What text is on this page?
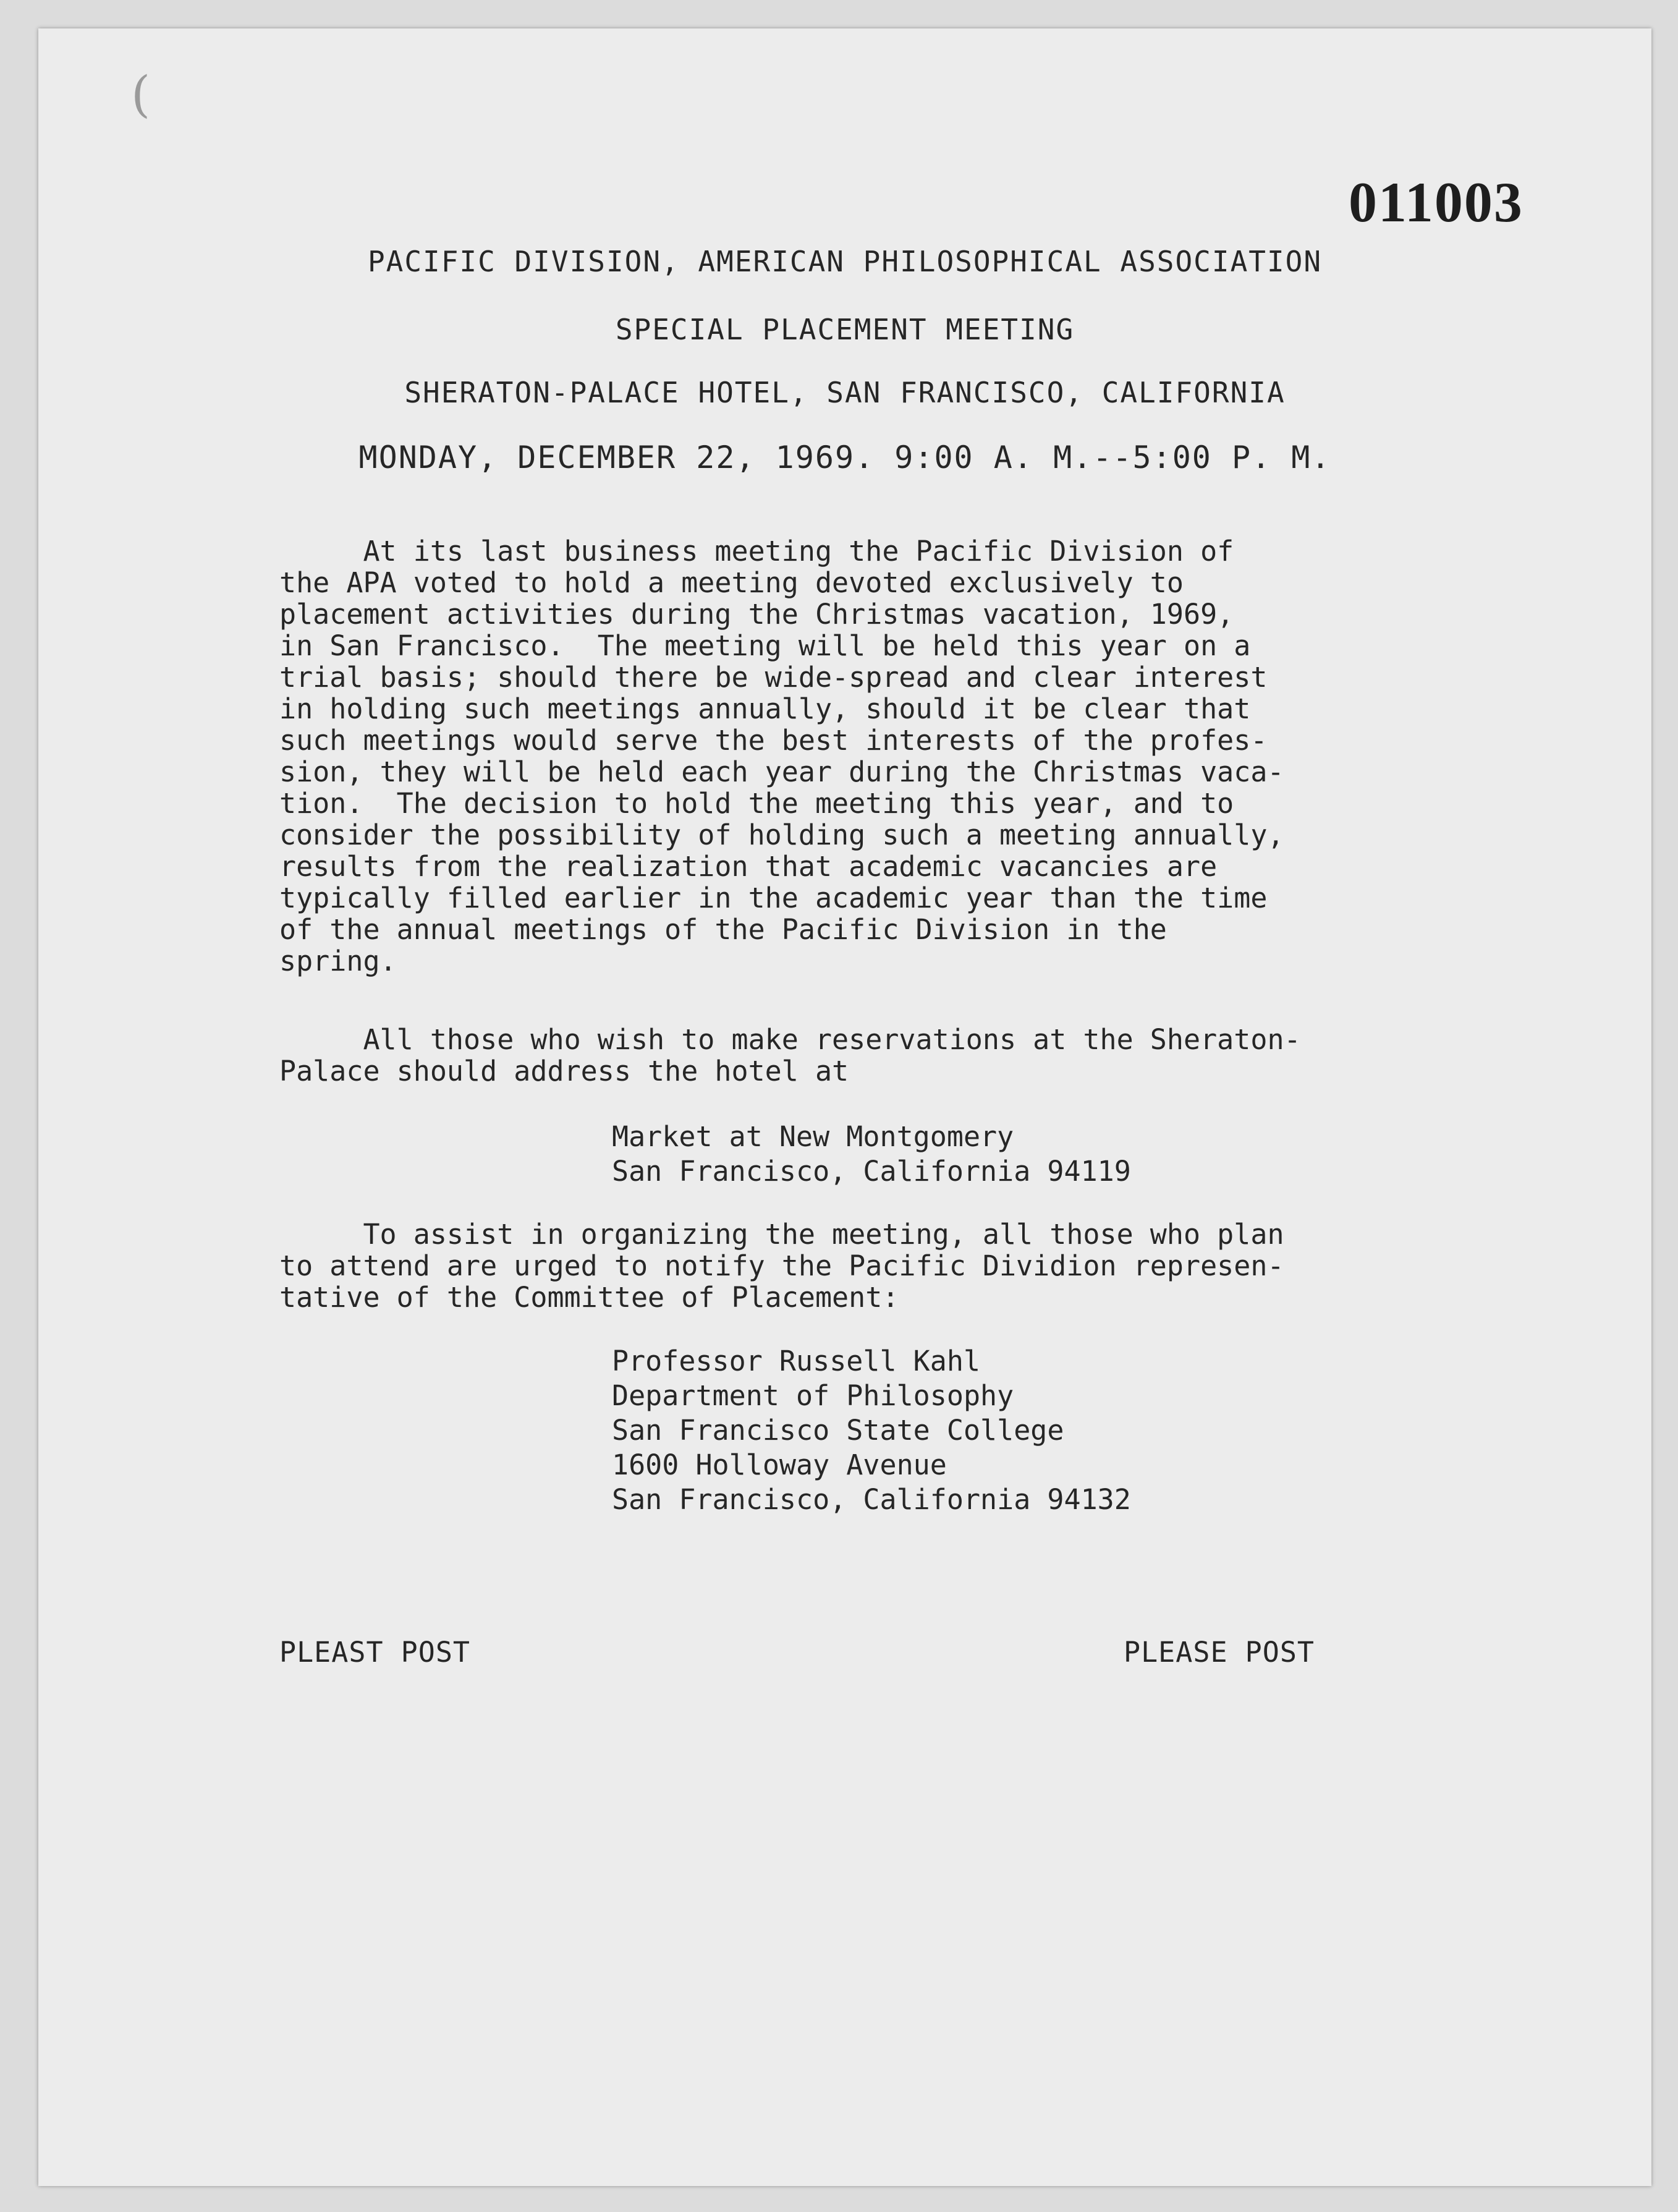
(
011003
PACIFIC DIVISION, AMERICAN PHILOSOPHICAL ASSOCIATION
SPECIAL PLACEMENT MEETING
SHERATON-PALACE HOTEL, SAN FRANCISCO, CALIFORNIA
MONDAY, DECEMBER 22, 1969. 9:00 A. M.--5:00 P. M.

At its last business meeting the Pacific Division of
the APA voted to hold a meeting devoted exclusively to
placement activities during the Christmas vacation, 1969,
in San Francisco.  The meeting will be held this year on a
trial basis; should there be wide-spread and clear interest
in holding such meetings annually, should it be clear that
such meetings would serve the best interests of the profes-
sion, they will be held each year during the Christmas vaca-
tion.  The decision to hold the meeting this year, and to
consider the possibility of holding such a meeting annually,
results from the realization that academic vacancies are
typically filled earlier in the academic year than the time
of the annual meetings of the Pacific Division in the
spring.

All those who wish to make reservations at the Sheraton-
Palace should address the hotel at

Market at New Montgomery
San Francisco, California 94119

To assist in organizing the meeting, all those who plan
to attend are urged to notify the Pacific Dividion represen-
tative of the Committee of Placement:

Professor Russell Kahl
Department of Philosophy
San Francisco State College
1600 Holloway Avenue
San Francisco, California 94132
PLEAST POST	PLEASE POST
